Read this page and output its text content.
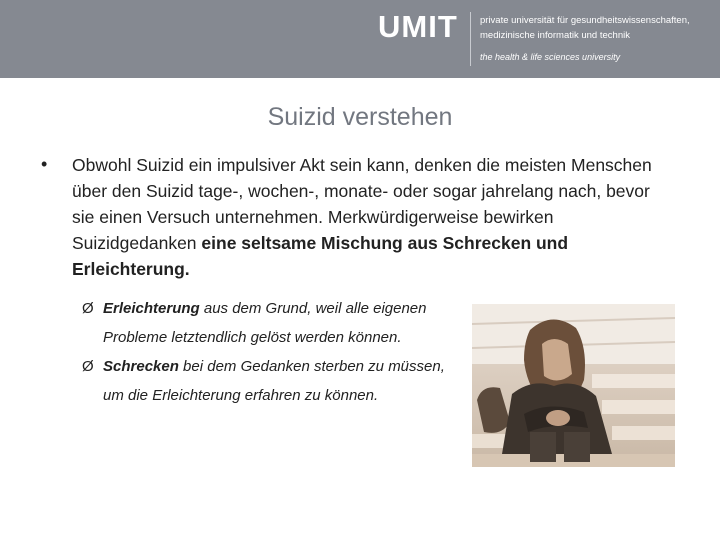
UMIT private universität für gesundheitswissenschaften,
medizinische informatik und technik
the health & life sciences university
Suizid verstehen
• Obwohl Suizid ein impulsiver Akt sein kann, denken die meisten Menschen über den Suizid tage-, wochen-, monate- oder sogar jahrelang nach, bevor sie einen Versuch unternehmen. Merkwürdigerweise bewirken Suizidgedanken eine seltsame Mischung aus Schrecken und Erleichterung.
Ø Erleichterung aus dem Grund, weil alle eigenen Probleme letztendlich gelöst werden können.
Ø Schrecken bei dem Gedanken sterben zu müssen, um die Erleichterung erfahren zu können.
